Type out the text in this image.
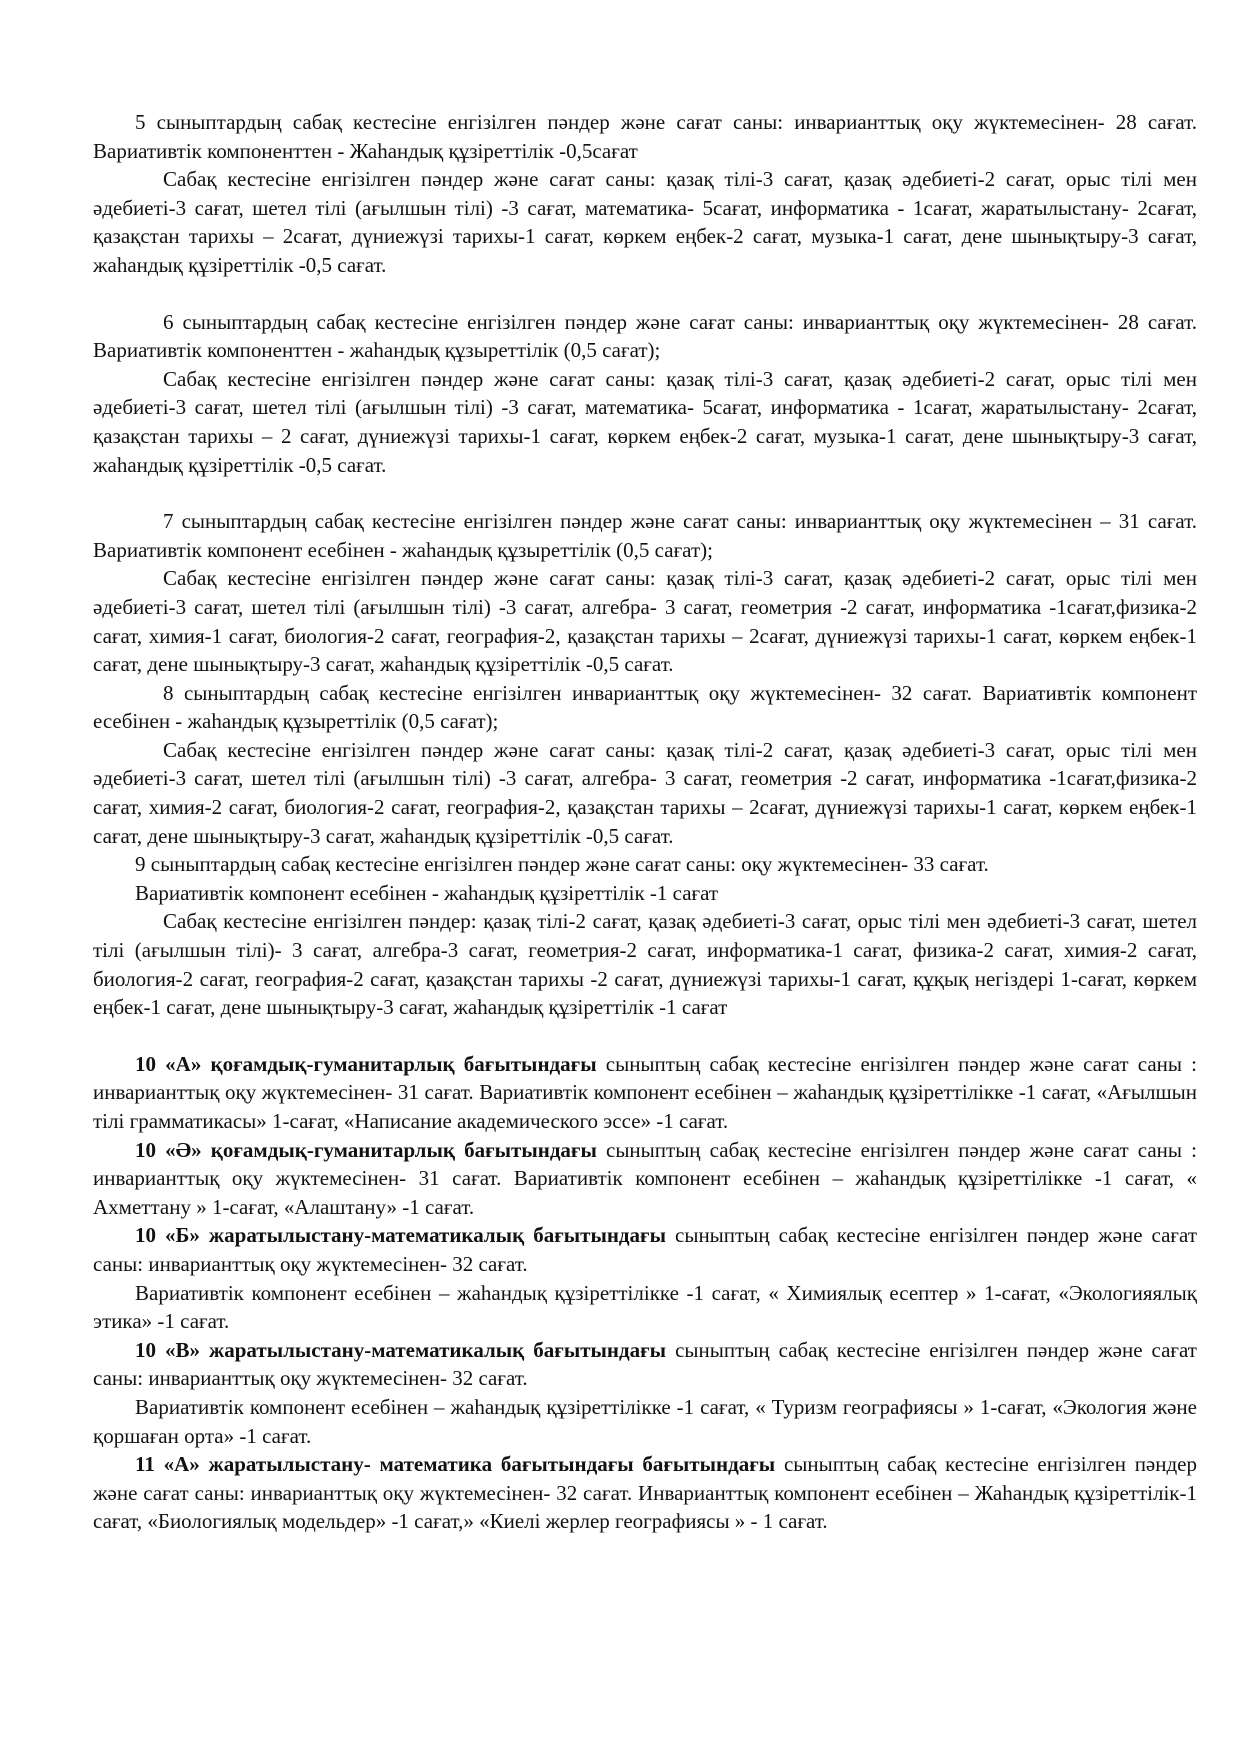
5 сыныптардың сабақ кестесіне енгізілген пәндер және сағат саны: инварианттық оқу жүктемесінен- 28 сағат. Вариативтік компоненттен - Жаһандық құзіреттілік -0,5сағат

Сабақ кестесіне енгізілген пәндер және сағат саны: қазақ тілі-3 сағат, қазақ әдебиеті-2 сағат, орыс тілі мен әдебиеті-3 сағат, шетел тілі (ағылшын тілі) -3 сағат, математика- 5сағат, информатика - 1сағат, жаратылыстану- 2сағат, қазақстан тарихы – 2сағат, дүниежүзі тарихы-1 сағат, көркем еңбек-2 сағат, музыка-1 сағат, дене шынықтыру-3 сағат, жаһандық құзіреттілік -0,5 сағат.

6 сыныптардың сабақ кестесіне енгізілген пәндер және сағат саны: инварианттық оқу жүктемесінен- 28 сағат. Вариативтік компоненттен - жаһандық құзыреттілік (0,5 сағат);

Сабақ кестесіне енгізілген пәндер және сағат саны: қазақ тілі-3 сағат, қазақ әдебиеті-2 сағат, орыс тілі мен әдебиеті-3 сағат, шетел тілі (ағылшын тілі) -3 сағат, математика- 5сағат, информатика - 1сағат, жаратылыстану- 2сағат, қазақстан тарихы – 2 сағат, дүниежүзі тарихы-1 сағат, көркем еңбек-2 сағат, музыка-1 сағат, дене шынықтыру-3 сағат, жаһандық құзіреттілік -0,5 сағат.

7 сыныптардың сабақ кестесіне енгізілген пәндер және сағат саны: инварианттық оқу жүктемесінен – 31 сағат. Вариативтік компонент есебінен - жаһандық құзыреттілік (0,5 сағат);

Сабақ кестесіне енгізілген пәндер және сағат саны: қазақ тілі-3 сағат, қазақ әдебиеті-2 сағат, орыс тілі мен әдебиеті-3 сағат, шетел тілі (ағылшын тілі) -3 сағат, алгебра- 3 сағат, геометрия -2 сағат, информатика -1сағат,физика-2 сағат, химия-1 сағат, биология-2 сағат, география-2, қазақстан тарихы – 2сағат, дүниежүзі тарихы-1 сағат, көркем еңбек-1 сағат, дене шынықтыру-3 сағат, жаһандық құзіреттілік -0,5 сағат.

8 сыныптардың сабақ кестесіне енгізілген инварианттық оқу жүктемесінен- 32 сағат. Вариативтік компонент есебінен - жаһандық құзыреттілік (0,5 сағат);

Сабақ кестесіне енгізілген пәндер және сағат саны: қазақ тілі-2 сағат, қазақ әдебиеті-3 сағат, орыс тілі мен әдебиеті-3 сағат, шетел тілі (ағылшын тілі) -3 сағат, алгебра- 3 сағат, геометрия -2 сағат, информатика -1сағат,физика-2 сағат, химия-2 сағат, биология-2 сағат, география-2, қазақстан тарихы – 2сағат, дүниежүзі тарихы-1 сағат, көркем еңбек-1 сағат, дене шынықтыру-3 сағат, жаһандық құзіреттілік -0,5 сағат.

9 сыныптардың сабақ кестесіне енгізілген пәндер және сағат саны: оқу жүктемесінен- 33 сағат.

Вариативтік компонент есебінен - жаһандық құзіреттілік -1 сағат

Сабақ кестесіне енгізілген пәндер: қазақ тілі-2 сағат, қазақ әдебиеті-3 сағат, орыс тілі мен әдебиеті-3 сағат, шетел тілі (ағылшын тілі)- 3 сағат, алгебра-3 сағат, геометрия-2 сағат, информатика-1 сағат, физика-2 сағат, химия-2 сағат, биология-2 сағат, география-2 сағат, қазақстан тарихы -2 сағат, дүниежүзі тарихы-1 сағат, құқық негіздері 1-сағат, көркем еңбек-1 сағат, дене шынықтыру-3 сағат, жаһандық құзіреттілік -1 сағат

10 «А» қоғамдық-гуманитарлық бағытындағы сыныптың сабақ кестесіне енгізілген пәндер және сағат саны : инварианттық оқу жүктемесінен- 31 сағат. Вариативтік компонент есебінен – жаһандық құзіреттілікке -1 сағат, «Ағылшын тілі грамматикасы» 1-сағат, «Написание академического эссе» -1 сағат.

10 «Ә» қоғамдық-гуманитарлық бағытындағы сыныптың сабақ кестесіне енгізілген пәндер және сағат саны : инварианттық оқу жүктемесінен- 31 сағат. Вариативтік компонент есебінен – жаһандық құзіреттілікке -1 сағат, « Ахметтану » 1-сағат, «Алаштану» -1 сағат.

10 «Б» жаратылыстану-математикалық бағытындағы сыныптың сабақ кестесіне енгізілген пәндер және сағат саны: инварианттық оқу жүктемесінен- 32 сағат.

Вариативтік компонент есебінен – жаһандық құзіреттілікке -1 сағат, « Химиялық есептер » 1-сағат, «Экологияялық этика» -1 сағат.

10 «В» жаратылыстану-математикалық бағытындағы сыныптың сабақ кестесіне енгізілген пәндер және сағат саны: инварианттық оқу жүктемесінен- 32 сағат.

Вариативтік компонент есебінен – жаһандық құзіреттілікке -1 сағат, « Туризм географиясы » 1-сағат, «Экология және қоршаған орта» -1 сағат.

11 «А» жаратылыстану- математика бағытындағы бағытындағы сыныптың сабақ кестесіне енгізілген пәндер және сағат саны: инварианттық оқу жүктемесінен- 32 сағат. Инварианттық компонент есебінен – Жаһандық құзіреттілік-1 сағат, «Биологиялық модельдер» -1 сағат,» «Киелі жерлер географиясы » - 1 сағат.
